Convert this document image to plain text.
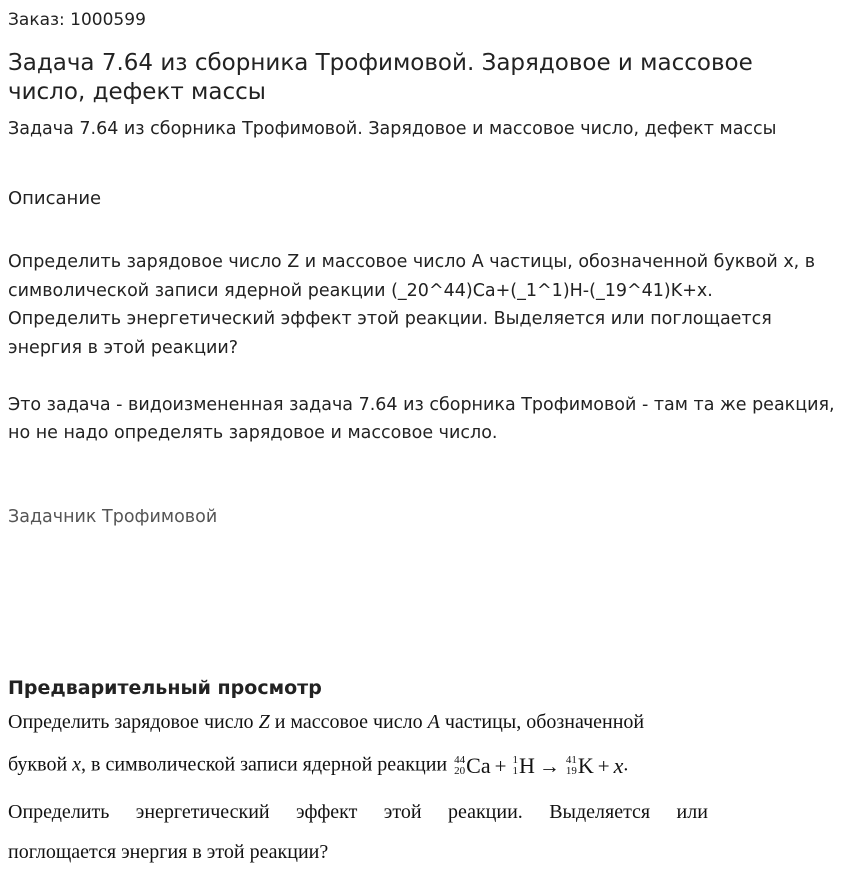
Заказ: 1000599
Задача 7.64 из сборника Трофимовой. Зарядовое и массовое число, дефект массы
Задача 7.64 из сборника Трофимовой. Зарядовое и массовое число, дефект массы
Описание

Определить зарядовое число Z и массовое число A частицы, обозначенной буквой x, в символической записи ядерной реакции (_20^44)Ca+(_1^1)H-(_19^41)K+x.

Определить энергетический эффект этой реакции. Выделяется или поглощается энергия в этой реакции?

Это задача - видоизмененная задача 7.64 из сборника Трофимовой - там та же реакция, но не надо определять зарядовое и массовое число.

Задачник Трофимовой
Предварительный просмотр
Определить зарядовое число Z и массовое число A частицы, обозначенной
буквой x, в символической записи ядерной реакции 44
20 Ca + 1
1 H → 41
19 K + x.
Определить энергетический эффект этой реакции. Выделяется или
поглощается энергия в этой реакции?
